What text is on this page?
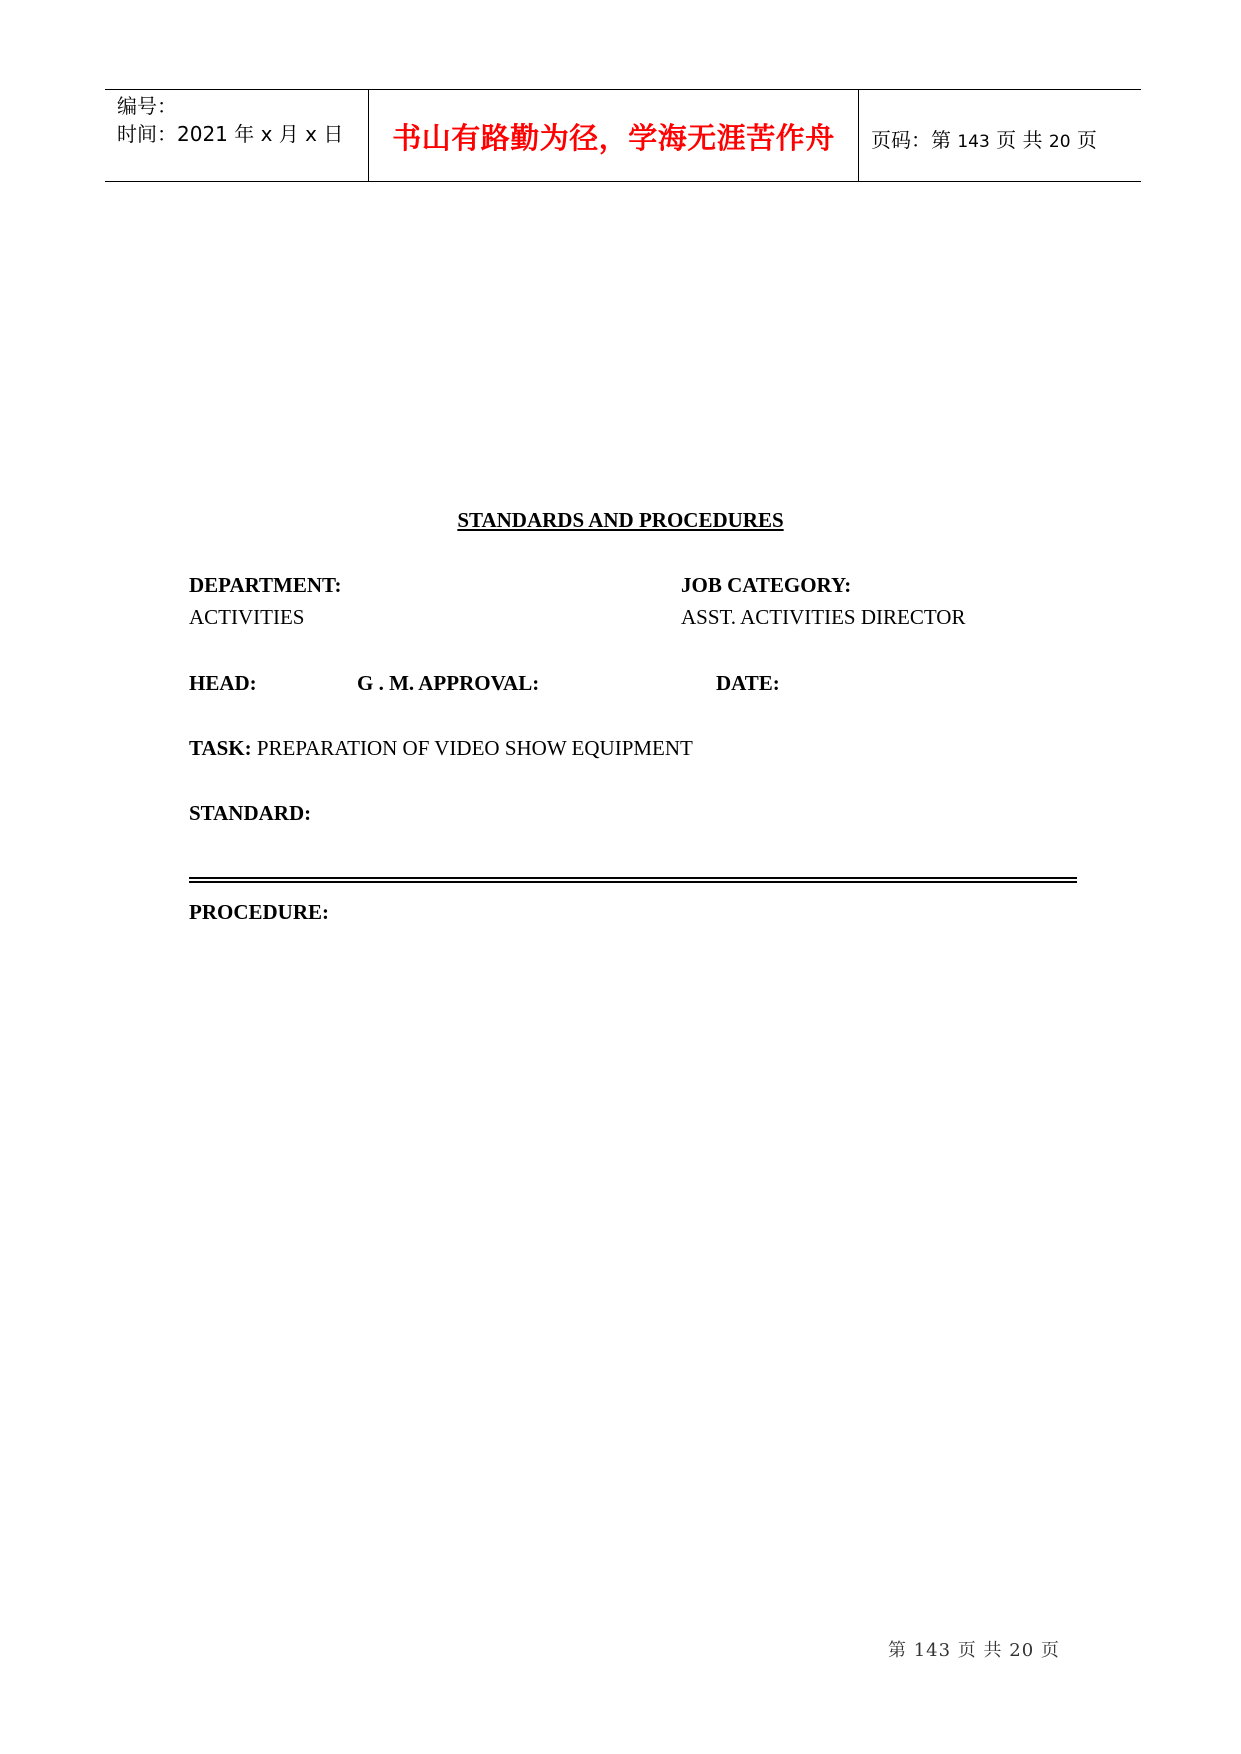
编号：
时间：2021 年 x 月 x 日	书山有路勤为径，学海无涯苦作舟	页码：第 143 页 共 20 页
STANDARDS AND PROCEDURES
DEPARTMENT:
ACTIVITIES
JOB CATEGORY:
ASST. ACTIVITIES DIRECTOR
HEAD:	G . M. APPROVAL:	DATE:
TASK: PREPARATION OF VIDEO SHOW EQUIPMENT
STANDARD:
PROCEDURE:
第 143 页 共 20 页
